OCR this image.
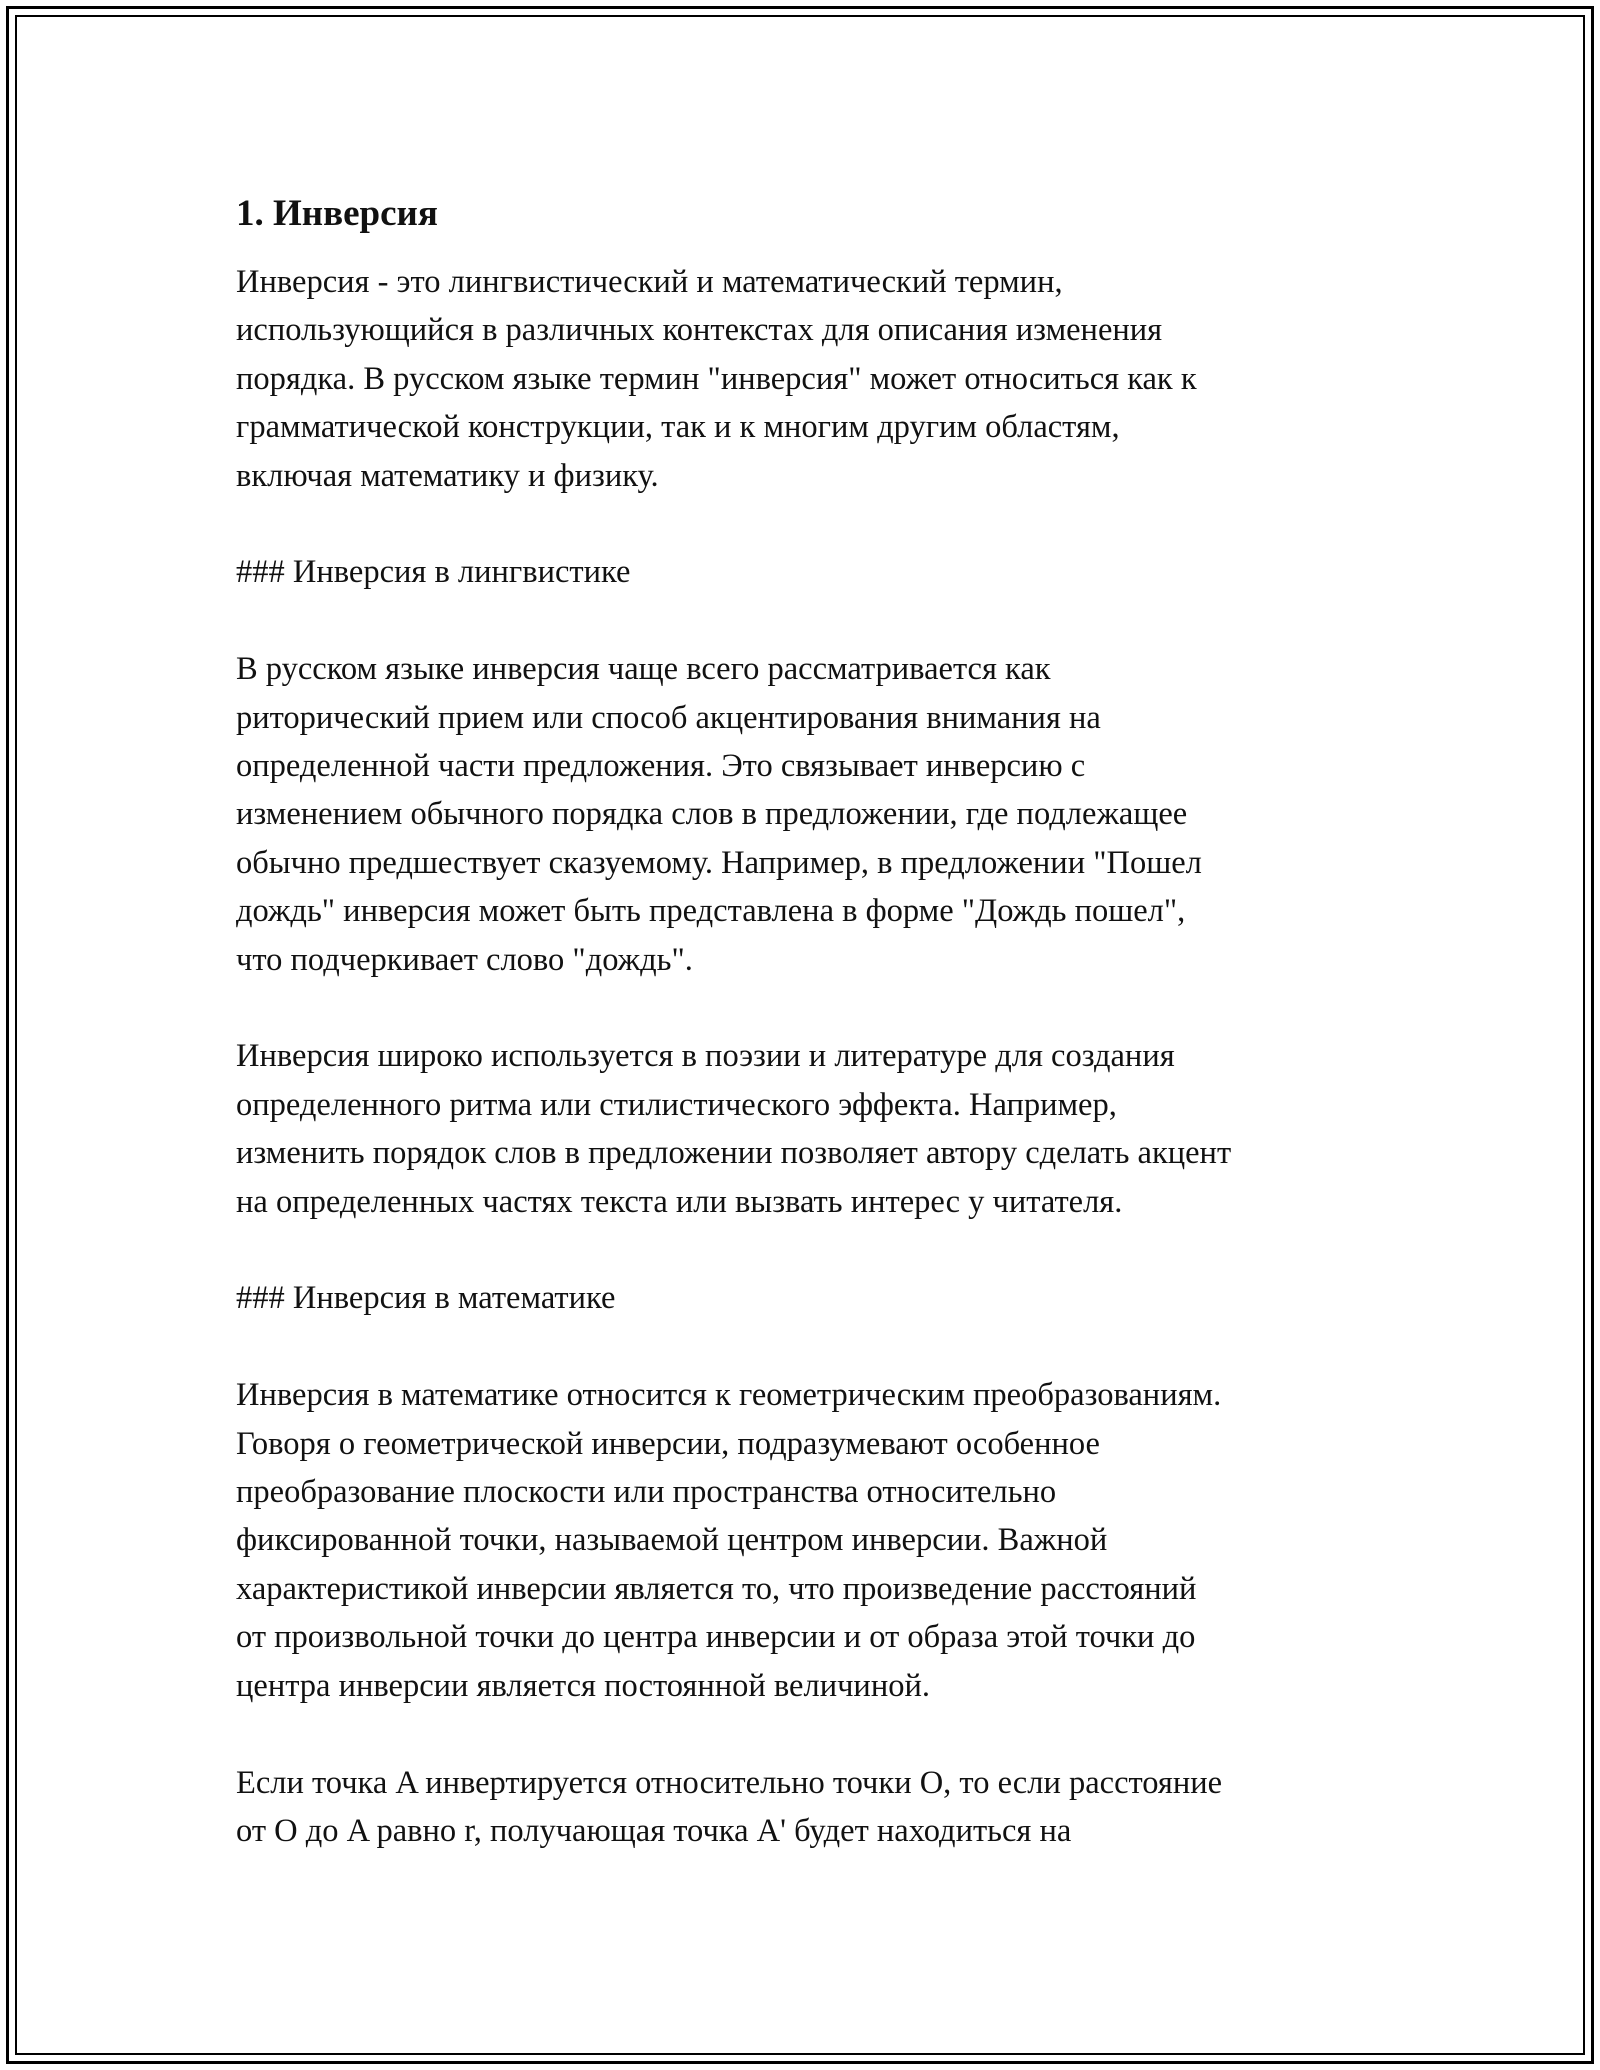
1. Инверсия
Инверсия - это лингвистический и математический термин,
использующийся в различных контекстах для описания изменения
порядка. В русском языке термин "инверсия" может относиться как к
грамматической конструкции, так и к многим другим областям,
включая математику и физику.
### Инверсия в лингвистике
В русском языке инверсия чаще всего рассматривается как
риторический прием или способ акцентирования внимания на
определенной части предложения. Это связывает инверсию с
изменением обычного порядка слов в предложении, где подлежащее
обычно предшествует сказуемому. Например, в предложении "Пошел
дождь" инверсия может быть представлена в форме "Дождь пошел",
что подчеркивает слово "дождь".
Инверсия широко используется в поэзии и литературе для создания
определенного ритма или стилистического эффекта. Например,
изменить порядок слов в предложении позволяет автору сделать акцент
на определенных частях текста или вызвать интерес у читателя.
### Инверсия в математике
Инверсия в математике относится к геометрическим преобразованиям.
Говоря о геометрической инверсии, подразумевают особенное
преобразование плоскости или пространства относительно
фиксированной точки, называемой центром инверсии. Важной
характеристикой инверсии является то, что произведение расстояний
от произвольной точки до центра инверсии и от образа этой точки до
центра инверсии является постоянной величиной.
Если точка A инвертируется относительно точки O, то если расстояние
от O до A равно r, получающая точка A' будет находиться на
